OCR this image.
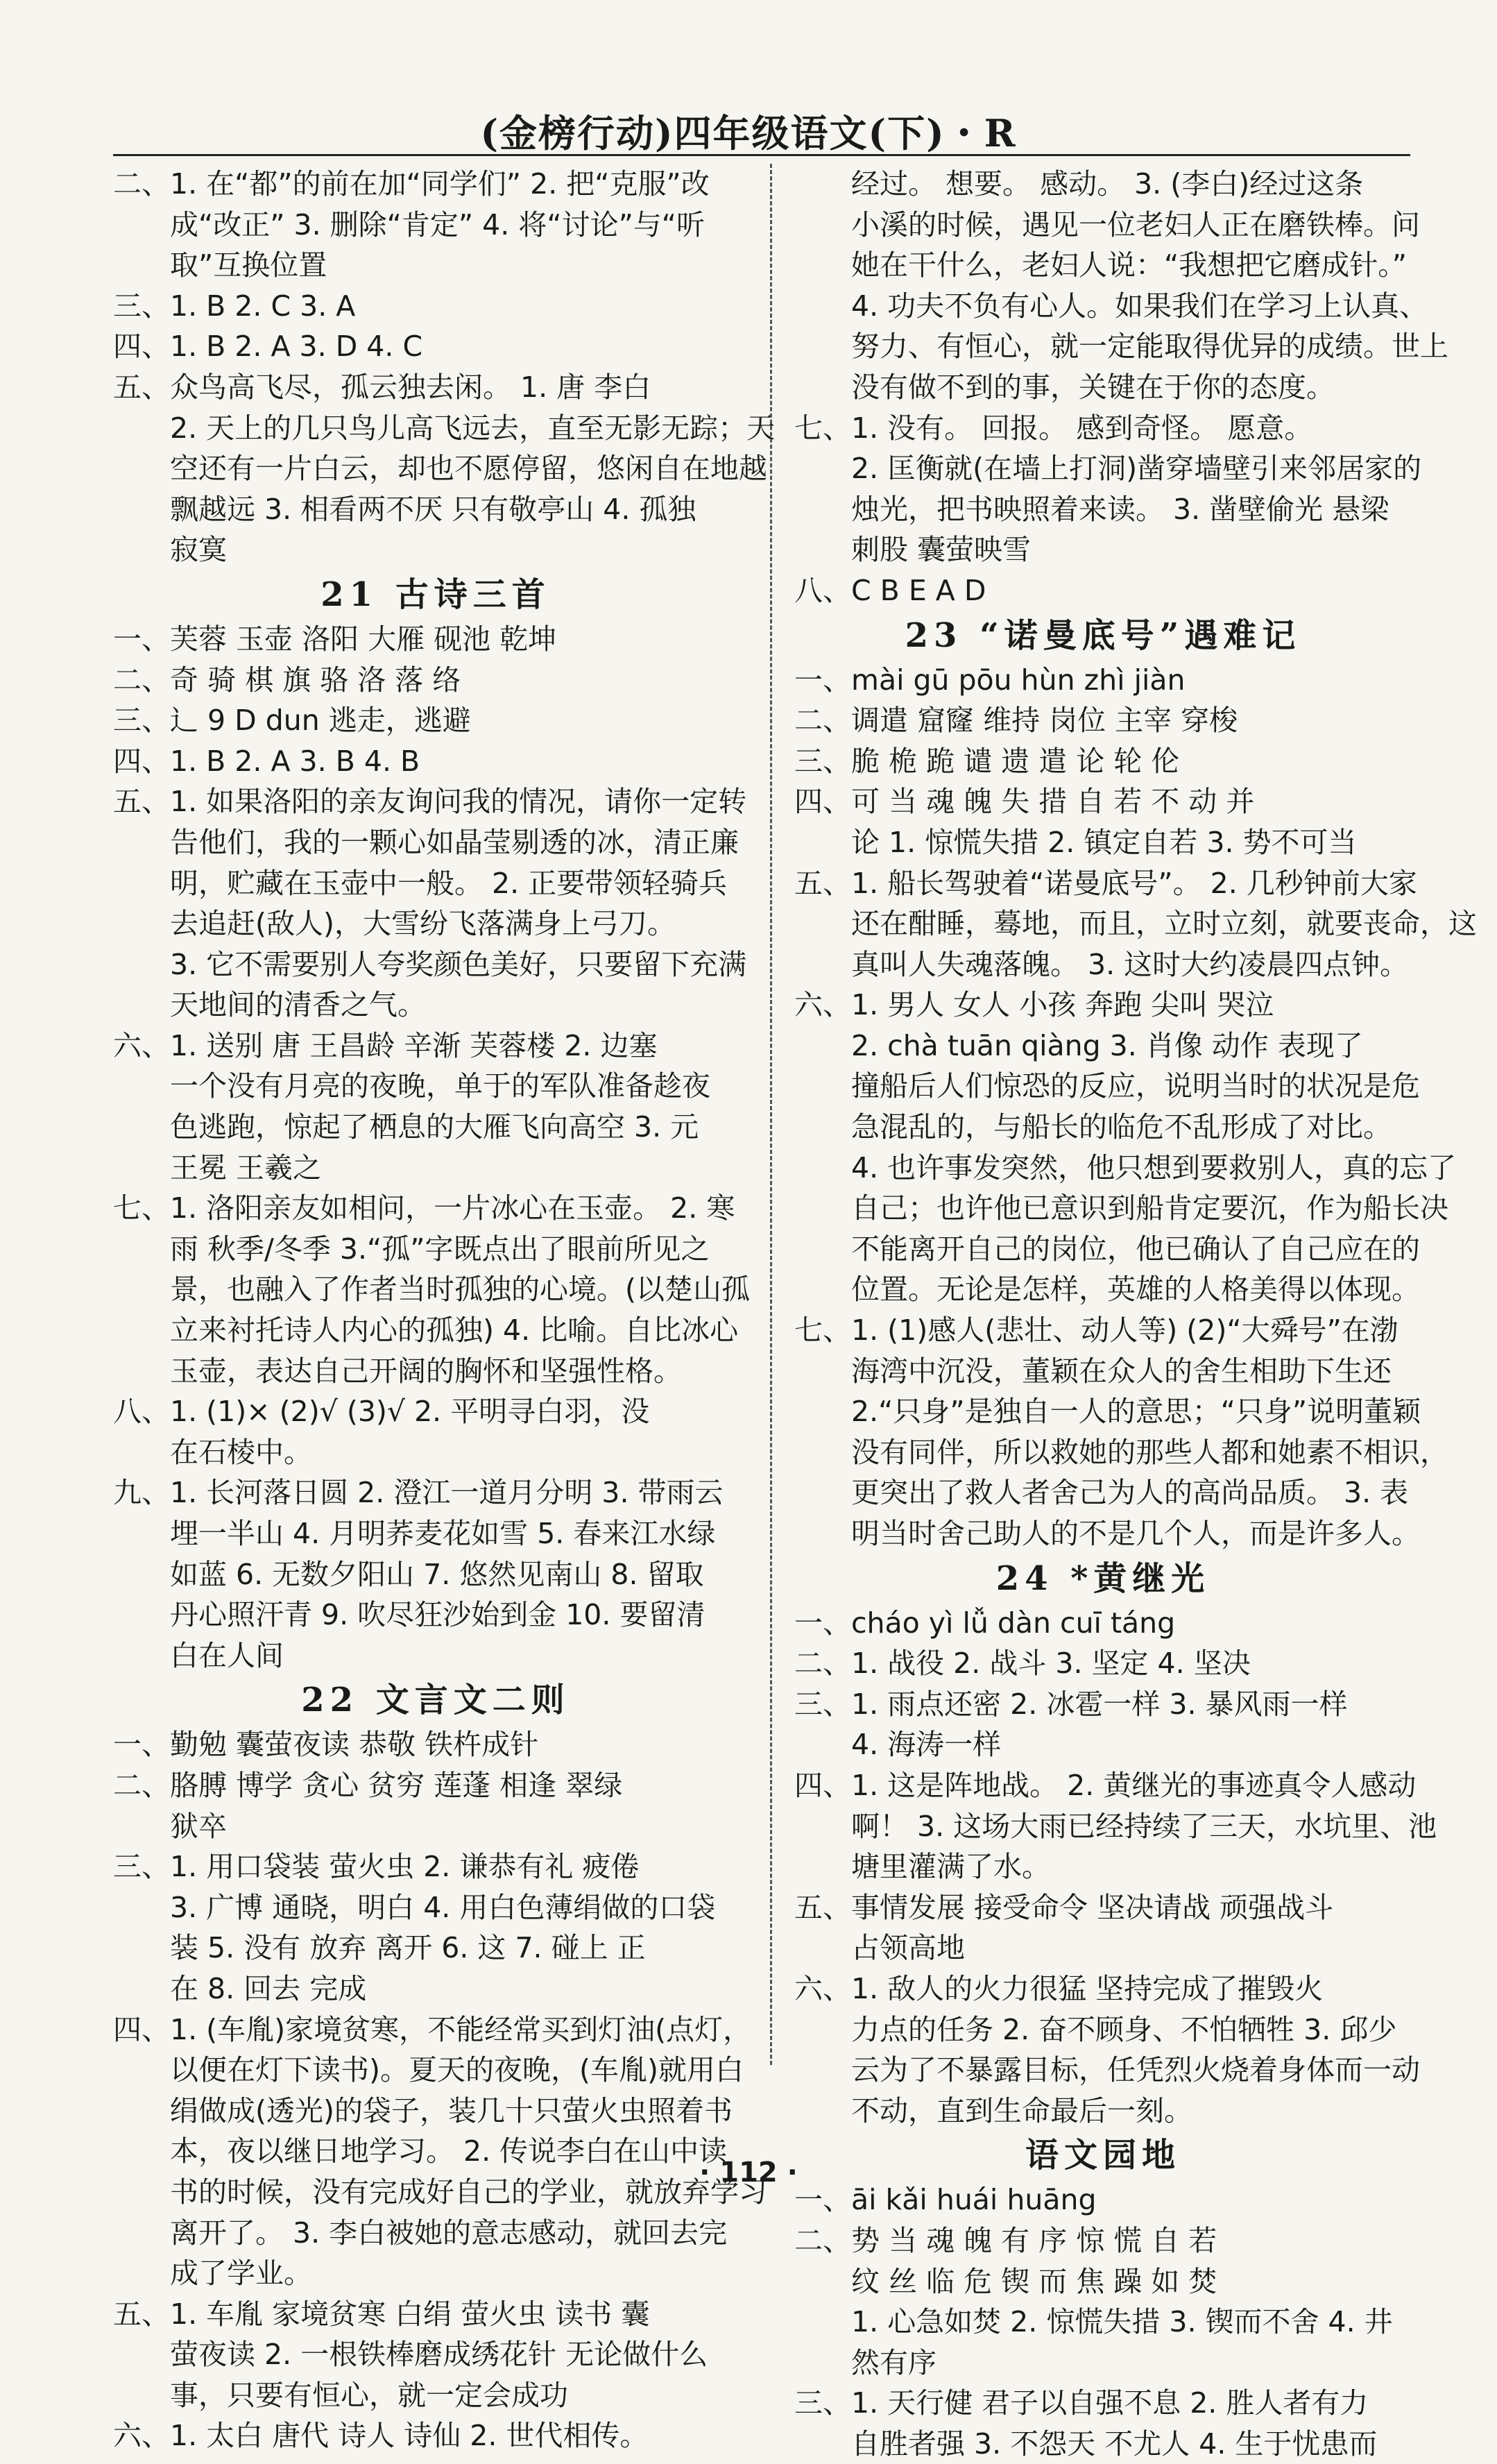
(金榜行动)四年级语文(下)・R
二、1. 在“都”的前在加“同学们” 2. 把“克服”改
成“改正” 3. 删除“肯定” 4. 将“讨论”与“听
取”互换位置
三、1. B 2. C 3. A
四、1. B 2. A 3. D 4. C
五、众鸟高飞尽，孤云独去闲。 1. 唐 李白
2. 天上的几只鸟儿高飞远去，直至无影无踪；天
空还有一片白云，却也不愿停留，悠闲自在地越
飘越远 3. 相看两不厌 只有敬亭山 4. 孤独
寂寞
21 古诗三首
一、芙蓉 玉壶 洛阳 大雁 砚池 乾坤
二、奇 骑 棋 旗 骆 洛 落 络
三、辶 9 D dun 逃走，逃避
四、1. B 2. A 3. B 4. B
五、1. 如果洛阳的亲友询问我的情况，请你一定转
告他们，我的一颗心如晶莹剔透的冰，清正廉
明，贮藏在玉壶中一般。 2. 正要带领轻骑兵
去追赶(敌人)，大雪纷飞落满身上弓刀。
3. 它不需要别人夸奖颜色美好，只要留下充满
天地间的清香之气。
六、1. 送别 唐 王昌龄 辛渐 芙蓉楼 2. 边塞
一个没有月亮的夜晚，单于的军队准备趁夜
色逃跑，惊起了栖息的大雁飞向高空 3. 元
王冕 王羲之
七、1. 洛阳亲友如相问，一片冰心在玉壶。 2. 寒
雨 秋季/冬季 3.“孤”字既点出了眼前所见之
景，也融入了作者当时孤独的心境。(以楚山孤
立来衬托诗人内心的孤独) 4. 比喻。自比冰心
玉壶，表达自己开阔的胸怀和坚强性格。
八、1. (1)× (2)√ (3)√ 2. 平明寻白羽，没
在石棱中。
九、1. 长河落日圆 2. 澄江一道月分明 3. 带雨云
埋一半山 4. 月明荞麦花如雪 5. 春来江水绿
如蓝 6. 无数夕阳山 7. 悠然见南山 8. 留取
丹心照汗青 9. 吹尽狂沙始到金 10. 要留清
白在人间
22 文言文二则
一、勤勉 囊萤夜读 恭敬 铁杵成针
二、胳膊 博学 贪心 贫穷 莲蓬 相逢 翠绿
狱卒
三、1. 用口袋装 萤火虫 2. 谦恭有礼 疲倦
3. 广博 通晓，明白 4. 用白色薄绢做的口袋
装 5. 没有 放弃 离开 6. 这 7. 碰上 正
在 8. 回去 完成
四、1. (车胤)家境贫寒，不能经常买到灯油(点灯，
以便在灯下读书)。夏天的夜晚，(车胤)就用白
绢做成(透光)的袋子，装几十只萤火虫照着书
本，夜以继日地学习。 2. 传说李白在山中读
书的时候，没有完成好自己的学业，就放弃学习
离开了。 3. 李白被她的意志感动，就回去完
成了学业。
五、1. 车胤 家境贫寒 白绢 萤火虫 读书 囊
萤夜读 2. 一根铁棒磨成绣花针 无论做什么
事，只要有恒心，就一定会成功
六、1. 太白 唐代 诗人 诗仙 2. 世代相传。
经过。 想要。 感动。 3. (李白)经过这条
小溪的时候，遇见一位老妇人正在磨铁棒。问
她在干什么，老妇人说：“我想把它磨成针。”
4. 功夫不负有心人。如果我们在学习上认真、
努力、有恒心，就一定能取得优异的成绩。世上
没有做不到的事，关键在于你的态度。
七、1. 没有。 回报。 感到奇怪。 愿意。
2. 匡衡就(在墙上打洞)凿穿墙壁引来邻居家的
烛光，把书映照着来读。 3. 凿壁偷光 悬梁
刺股 囊萤映雪
八、C B E A D
23 “诺曼底号”遇难记
一、mài gū pōu hùn zhì jiàn
二、调遣 窟窿 维持 岗位 主宰 穿梭
三、脆 桅 跪 谴 遗 遣 论 轮 伦
四、可 当 魂 魄 失 措 自 若 不 动 并
论 1. 惊慌失措 2. 镇定自若 3. 势不可当
五、1. 船长驾驶着“诺曼底号”。 2. 几秒钟前大家
还在酣睡，蓦地，而且，立时立刻，就要丧命，这
真叫人失魂落魄。 3. 这时大约凌晨四点钟。
六、1. 男人 女人 小孩 奔跑 尖叫 哭泣
2. chà tuān qiàng 3. 肖像 动作 表现了
撞船后人们惊恐的反应，说明当时的状况是危
急混乱的，与船长的临危不乱形成了对比。
4. 也许事发突然，他只想到要救别人，真的忘了
自己；也许他已意识到船肯定要沉，作为船长决
不能离开自己的岗位，他已确认了自己应在的
位置。无论是怎样，英雄的人格美得以体现。
七、1. (1)感人(悲壮、动人等) (2)“大舜号”在渤
海湾中沉没，董颖在众人的舍生相助下生还
2.“只身”是独自一人的意思；“只身”说明董颖
没有同伴，所以救她的那些人都和她素不相识，
更突出了救人者舍己为人的高尚品质。 3. 表
明当时舍己助人的不是几个人，而是许多人。
24 *黄继光
一、cháo yì lǚ dàn cuī táng
二、1. 战役 2. 战斗 3. 坚定 4. 坚决
三、1. 雨点还密 2. 冰雹一样 3. 暴风雨一样
4. 海涛一样
四、1. 这是阵地战。 2. 黄继光的事迹真令人感动
啊！ 3. 这场大雨已经持续了三天，水坑里、池
塘里灌满了水。
五、事情发展 接受命令 坚决请战 顽强战斗
占领高地
六、1. 敌人的火力很猛 坚持完成了摧毁火
力点的任务 2. 奋不顾身、不怕牺牲 3. 邱少
云为了不暴露目标，任凭烈火烧着身体而一动
不动，直到生命最后一刻。
语文园地
一、āi kǎi huái huāng
二、势 当 魂 魄 有 序 惊 慌 自 若
纹 丝 临 危 锲 而 焦 躁 如 焚
1. 心急如焚 2. 惊慌失措 3. 锲而不舍 4. 井
然有序
三、1. 天行健 君子以自强不息 2. 胜人者有力
自胜者强 3. 不怨天 不尤人 4. 生于忧患而
· 112 ·
